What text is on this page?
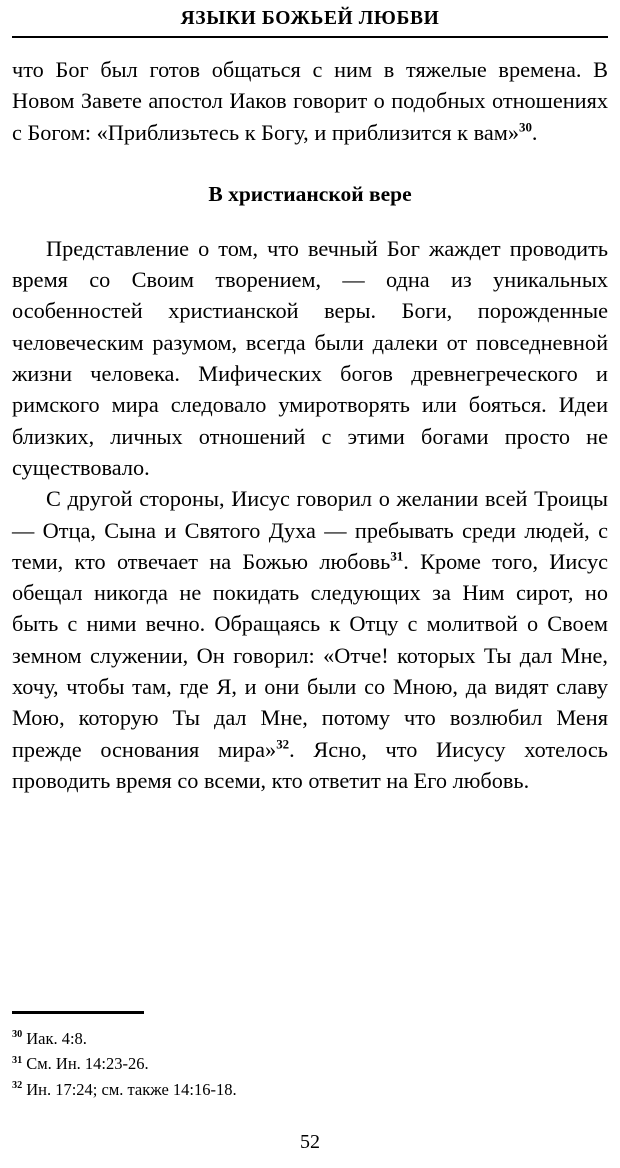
ЯЗЫКИ БОЖЬЕЙ ЛЮБВИ

что Бог был готов общаться с ним в тяжелые времена. В Новом Завете апостол Иаков говорит о подобных отношениях с Богом: «Приблизьтесь к Богу, и приблизится к вам»$^{30}$.

В христианской вере

Представление о том, что вечный Бог жаждет проводить время со Своим творением, — одна из уникальных особенностей христианской веры. Боги, порожденные человеческим разумом, всегда были далеки от повседневной жизни человека. Мифических богов древнегреческого и римского мира следовало умиротворять или бояться. Идеи близких, личных отношений с этими богами просто не существовало.

С другой стороны, Иисус говорил о желании всей Троицы — Отца, Сына и Святого Духа — пребывать среди людей, с теми, кто отвечает на Божью любовь$^{31}$. Кроме того, Иисус обещал никогда не покидать следующих за Ним сирот, но быть с ними вечно. Обращаясь к Отцу с молитвой о Своем земном служении, Он говорил: «Отче! которых Ты дал Мне, хочу, чтобы там, где Я, и они были со Мною, да видят славу Мою, которую Ты дал Мне, потому что возлюбил Меня прежде основания мира»$^{32}$. Ясно, что Иисусу хотелось проводить время со всеми, кто ответит на Его любовь.

$^{30}$ Иак. 4:8.

$^{31}$ См. Ин. 14:23-26.

$^{32}$ Ин. 17:24; см. также 14:16-18.

52
